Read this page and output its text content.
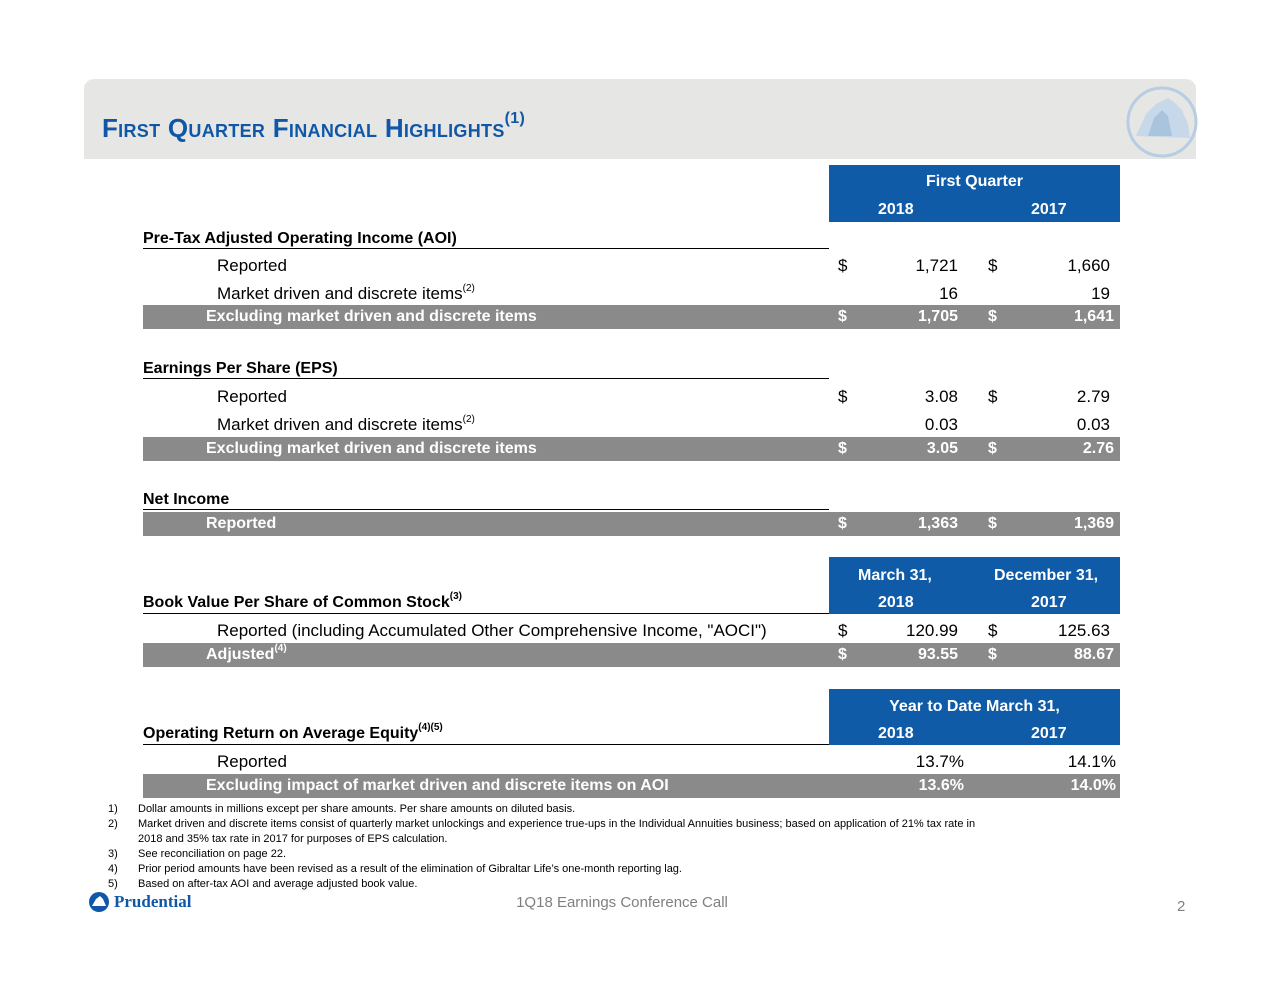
First Quarter Financial Highlights$^{(1)}$
First Quarter
2018	2017
Pre-Tax Adjusted Operating Income (AOI)
Reported	$	1,721 $	1,660
Market driven and discrete items$^{(2)}$	16	19
Excluding market driven and discrete items	$	1,705 $	1,641
Earnings Per Share (EPS)
Reported	$	3.08 $	2.79
Market driven and discrete items$^{(2)}$	0.03	0.03
Excluding market driven and discrete items	$	3.05 $	2.76
Net Income
Reported	$	1,363 $	1,369
March 31,	December 31,
2018	2017
Book Value Per Share of Common Stock$^{(3)}$
Reported (including Accumulated Other Comprehensive Income, "AOCI")	$	120.99 $	125.63
Adjusted$^{(4)}$	$	93.55 $	88.67
Year to Date March 31,
2018	2017
Operating Return on Average Equity$^{(4)(5)}$
Reported	13.7%	14.1%
Excluding impact of market driven and discrete items on AOI	13.6%	14.0%
1) Dollar amounts in millions except per share amounts. Per share amounts on diluted basis.
2) Market driven and discrete items consist of quarterly market unlockings and experience true-ups in the Individual Annuities business; based on application of 21% tax rate in
2018 and 35% tax rate in 2017 for purposes of EPS calculation.
3) See reconciliation on page 22.
4) Prior period amounts have been revised as a result of the elimination of Gibraltar Life’s one-month reporting lag.
5) Based on after-tax AOI and average adjusted book value.
Prudential	1Q18 Earnings Conference Call	2
